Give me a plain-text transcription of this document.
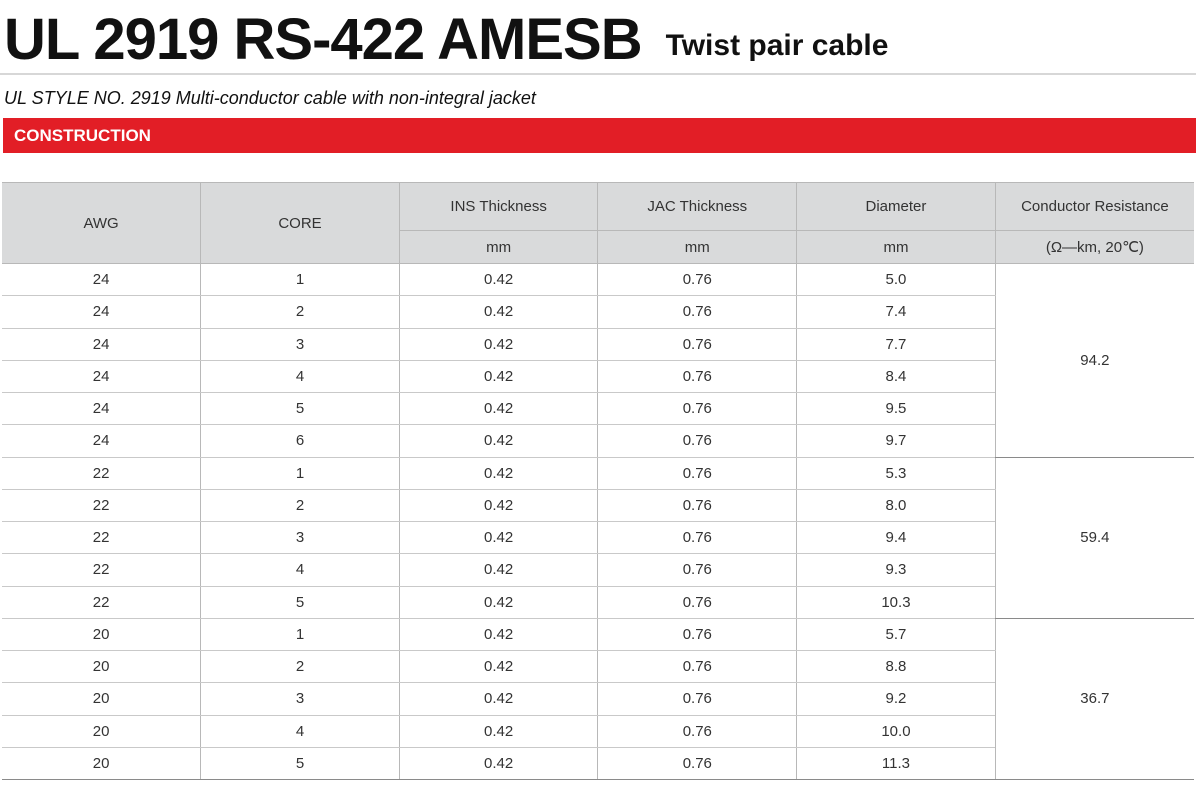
UL 2919 RS-422 AMESB Twist pair cable
UL STYLE NO. 2919 Multi-conductor cable with non-integral jacket
CONSTRUCTION
AWG	CORE	INS Thickness	JAC Thickness	Diameter	Conductor Resistance
		mm	mm	mm	(Ω—km, 20℃)
24	1	0.42	0.76	5.0	94.2
24	2	0.42	0.76	7.4	
24	3	0.42	0.76	7.7	
24	4	0.42	0.76	8.4	
24	5	0.42	0.76	9.5	
24	6	0.42	0.76	9.7	
22	1	0.42	0.76	5.3	59.4
22	2	0.42	0.76	8.0	
22	3	0.42	0.76	9.4	
22	4	0.42	0.76	9.3	
22	5	0.42	0.76	10.3	
20	1	0.42	0.76	5.7	36.7
20	2	0.42	0.76	8.8	
20	3	0.42	0.76	9.2	
20	4	0.42	0.76	10.0	
20	5	0.42	0.76	11.3	
